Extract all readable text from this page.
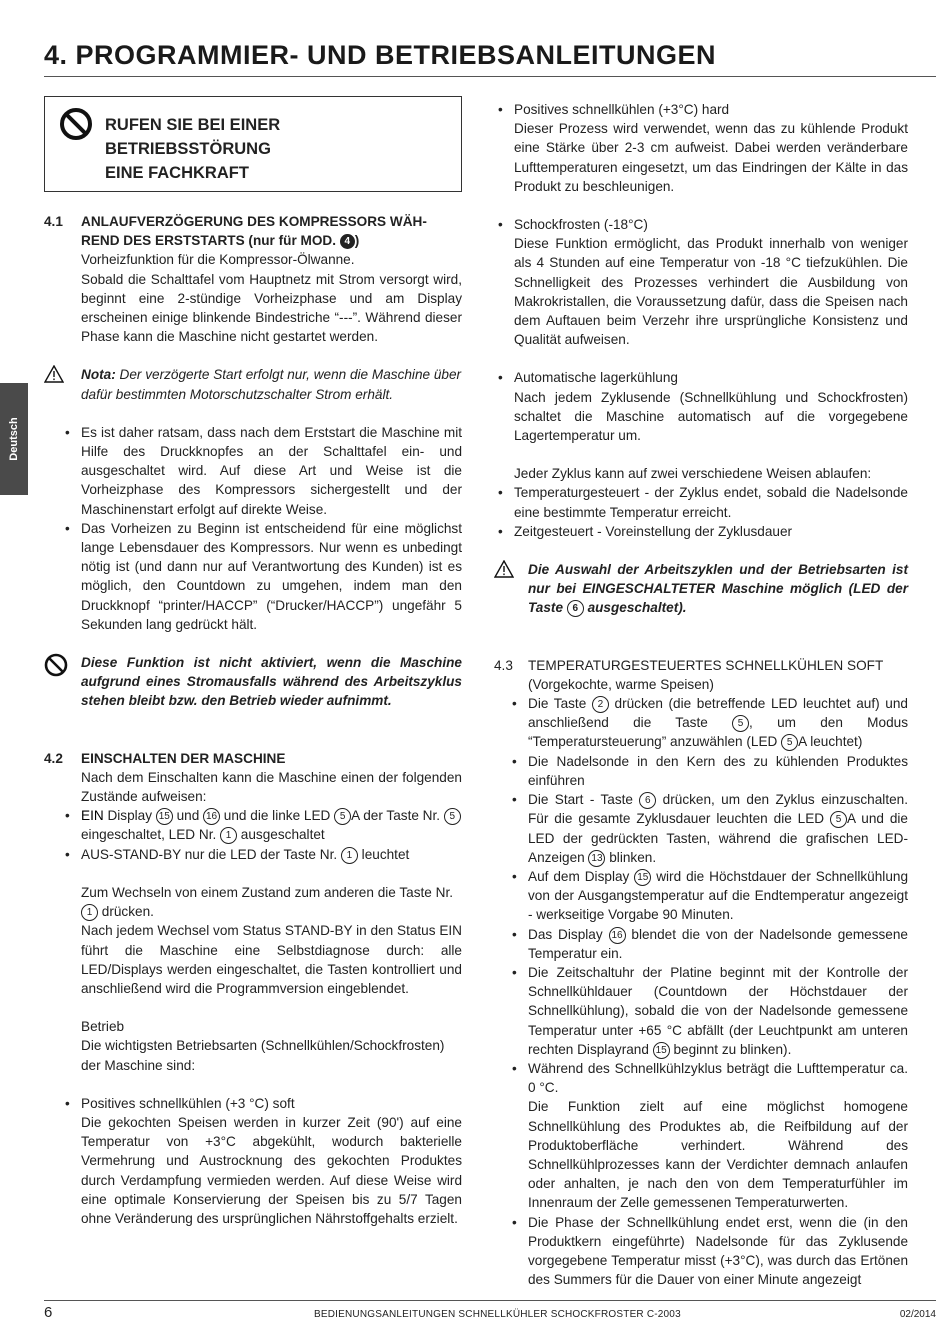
4. PROGRAMMIER- UND BETRIEBSANLEITUNGEN
Deutsch
RUFEN SIE BEI EINER
BETRIEBSSTÖRUNG
EINE FACHKRAFT
4.1 ANLAUFVERZÖGERUNG DES KOMPRESSORS WÄH-
REND DES ERSTSTARTS (nur für MOD. 4 )
Vorheizfunktion für die Kompressor-Ölwanne.
Sobald die Schalttafel vom Hauptnetz mit Strom versorgt wird, beginnt eine 2-stündige Vorheizphase und am Display erscheinen einige blinkende Bindestriche “---”. Während dieser Phase kann die Maschine nicht gestartet werden.
Nota: Der verzögerte Start erfolgt nur, wenn die Maschine über dafür bestimmten Motorschutzschalter Strom erhält.
• Es ist daher ratsam, dass nach dem Erststart die Maschine mit Hilfe des Druckknopfes an der Schalttafel ein- und ausgeschaltet wird. Auf diese Art und Weise ist die Vorheizphase des Kompressors sichergestellt und der Maschinenstart erfolgt auf direkte Weise.
• Das Vorheizen zu Beginn ist entscheidend für eine möglichst lange Lebensdauer des Kompressors. Nur wenn es unbedingt nötig ist (und dann nur auf Verantwortung des Kunden) ist es möglich, den Countdown zu umgehen, indem man den Druckknopf “printer/HACCP” (“Drucker/HACCP”) ungefähr 5 Sekunden lang gedrückt hält.
Diese Funktion ist nicht aktiviert, wenn die Maschine aufgrund eines Stromausfalls während des Arbeitszyklus stehen bleibt bzw. den Betrieb wieder aufnimmt.
4.2 EINSCHALTEN DER MASCHINE
Nach dem Einschalten kann die Maschine einen der folgenden Zustände aufweisen:
• EIN Display 15 und 16 und die linke LED 5 A der Taste Nr. 5 eingeschaltet, LED Nr. 1 ausgeschaltet
• AUS-STAND-BY nur die LED der Taste Nr. 1 leuchtet
Zum Wechseln von einem Zustand zum anderen die Taste Nr. 1 drücken.
Nach jedem Wechsel vom Status STAND-BY in den Status EIN führt die Maschine eine Selbstdiagnose durch: alle LED/Displays werden eingeschaltet, die Tasten kontrolliert und anschließend wird die Programmversion eingeblendet.
Betrieb
Die wichtigsten Betriebsarten (Schnellkühlen/Schockfrosten) der Maschine sind:
• Positives schnellkühlen (+3 °C) soft
Die gekochten Speisen werden in kurzer Zeit (90') auf eine Temperatur von +3°C abgekühlt, wodurch bakterielle Vermehrung und Austrocknung des gekochten Produktes durch Verdampfung vermieden werden. Auf diese Weise wird eine optimale Konservierung der Speisen bis zu 5/7 Tagen ohne Veränderung des ursprünglichen Nährstoffgehalts erzielt.
• Positives schnellkühlen (+3°C) hard
Dieser Prozess wird verwendet, wenn das zu kühlende Produkt eine Stärke über 2-3 cm aufweist. Dabei werden veränderbare Lufttemperaturen eingesetzt, um das Eindringen der Kälte in das Produkt zu beschleunigen.
• Schockfrosten (-18°C)
Diese Funktion ermöglicht, das Produkt innerhalb von weniger als 4 Stunden auf eine Temperatur von -18 °C tiefzukühlen. Die Schnelligkeit des Prozesses verhindert die Ausbildung von Makrokristallen, die Voraussetzung dafür, dass die Speisen nach dem Auftauen beim Verzehr ihre ursprüngliche Konsistenz und Qualität aufweisen.
• Automatische lagerkühlung
Nach jedem Zyklusende (Schnellkühlung und Schockfrosten) schaltet die Maschine automatisch auf die vorgegebene Lagertemperatur um.
Jeder Zyklus kann auf zwei verschiedene Weisen ablaufen:
• Temperaturgesteuert - der Zyklus endet, sobald die Nadelsonde eine bestimmte Temperatur erreicht.
• Zeitgesteuert - Voreinstellung der Zyklusdauer
Die Auswahl der Arbeitszyklen und der Betriebsarten ist nur bei EINGESCHALTETER Maschine möglich (LED der Taste 6 ausgeschaltet).
4.3 TEMPERATURGESTEUERTES SCHNELLKÜHLEN SOFT
(Vorgekochte, warme Speisen)
• Die Taste 2 drücken (die betreffende LED leuchtet auf) und anschließend die Taste 5 , um den Modus “Temperatursteuerung” anzuwählen (LED 5 A leuchtet)
• Die Nadelsonde in den Kern des zu kühlenden Produktes einführen
• Die Start - Taste 6 drücken, um den Zyklus einzuschalten. Für die gesamte Zyklusdauer leuchten die LED 5 A und die LED der gedrückten Tasten, während die grafischen LED-Anzeigen 13 blinken.
• Auf dem Display 15 wird die Höchstdauer der Schnellkühlung von der Ausgangstemperatur auf die Endtemperatur angezeigt - werkseitige Vorgabe 90 Minuten.
• Das Display 16 blendet die von der Nadelsonde gemessene Temperatur ein.
• Die Zeitschaltuhr der Platine beginnt mit der Kontrolle der Schnellkühldauer (Countdown der Höchstdauer der Schnellkühlung), sobald die von der Nadelsonde gemessene Temperatur unter +65 °C abfällt (der Leuchtpunkt am unteren rechten Displayrand 15 beginnt zu blinken).
• Während des Schnellkühlzyklus beträgt die Lufttemperatur ca. 0 °C.
Die Funktion zielt auf eine möglichst homogene Schnellkühlung des Produktes ab, die Reifbildung auf der Produktoberfläche verhindert. Während des Schnellkühlprozesses kann der Verdichter demnach anlaufen oder anhalten, je nach den von dem Temperaturfühler im Innenraum der Zelle gemessenen Temperaturwerten.
• Die Phase der Schnellkühlung endet erst, wenn die (in den Produktkern eingeführte) Nadelsonde für das Zyklusende vorgegebene Temperatur misst (+3°C), was durch das Ertönen des Summers für die Dauer von einer Minute angezeigt
6	BEDIENUNGSANLEITUNGEN SCHNELLKÜHLER SCHOCKFROSTER C-2003	02/2014
